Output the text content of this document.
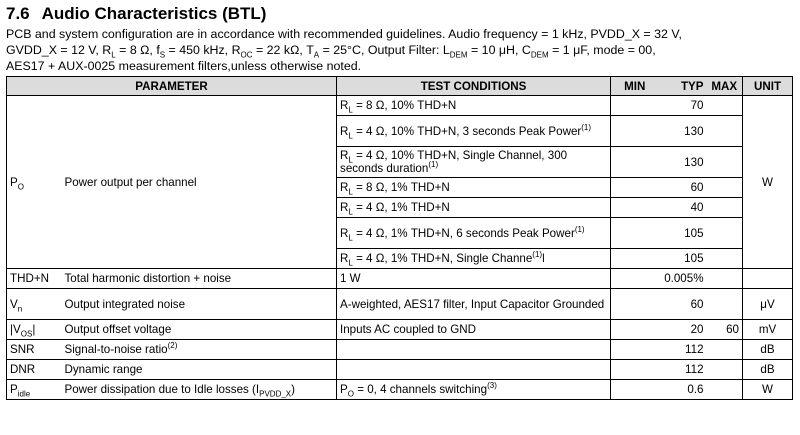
7.6 Audio Characteristics (BTL)
PCB and system configuration are in accordance with recommended guidelines. Audio frequency = 1 kHz, PVDD_X = 32 V,
GVDD_X = 12 V, $R_L = 8$ Ω, $f_S = 450$ kHz, $R_{OC} = 22$ kΩ, $T_A = 25^\circ C$, Output Filter: $L_{DEM} = 10$ μH, $C_{DEM} = 1$ μF, mode = 00,
AES17 + AUX-0025 measurement filters,unless otherwise noted.
PARAMETER		TEST CONDITIONS	MIN	TYP	MAX	UNIT
$P_O$	Power output per channel	$R_L = 8$ Ω, 10% THD+N		70		W
		$R_L = 4$ Ω, 10% THD+N, 3 seconds Peak Power$^{(1)}$		130		
		$R_L = 4$ Ω, 10% THD+N, Single Channel, 300 seconds duration$^{(1)}$		130		
		$R_L = 8$ Ω, 1% THD+N		60		
		$R_L = 4$ Ω, 1% THD+N		40		
		$R_L = 4$ Ω, 1% THD+N, 6 seconds Peak Power$^{(1)}$		105		
		$R_L = 4$ Ω, 1% THD+N, Single Channe$^{(1)}$l		105		
THD+N	Total harmonic distortion + noise	1 W		0.005%		
$V_n$	Output integrated noise	A-weighted, AES17 filter, Input Capacitor Grounded		60		μV
$|V_{OS}|$	Output offset voltage	Inputs AC coupled to GND		20	60	mV
SNR	Signal-to-noise ratio$^{(2)}$			112		dB
DNR	Dynamic range			112		dB
$P_{idle}$	Power dissipation due to Idle losses $(I_{PVDD\_X})$	$P_O = 0$, 4 channels switching$^{(3)}$		0.6		W
